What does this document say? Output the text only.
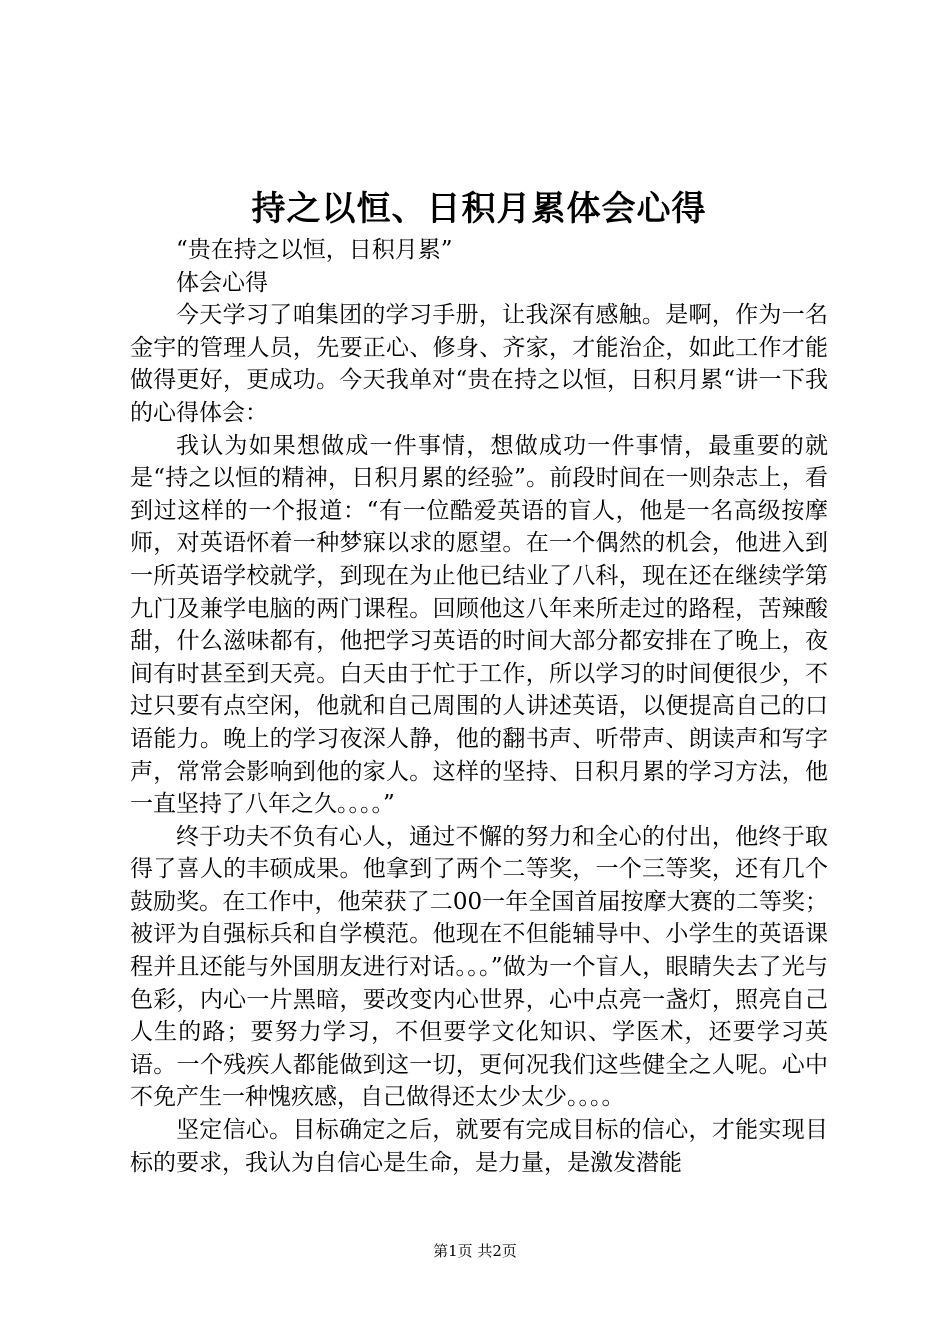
持之以恒、日积月累体会心得

“贵在持之以恒，日积月累”

体会心得

今天学习了咱集团的学习手册，让我深有感触。是啊，作为一名金宇的管理人员，先要正心、修身、齐家，才能治企，如此工作才能做得更好，更成功。今天我单对“贵在持之以恒，日积月累“讲一下我的心得体会：

我认为如果想做成一件事情，想做成功一件事情，最重要的就是“持之以恒的精神，日积月累的经验”。前段时间在一则杂志上，看到过这样的一个报道：“有一位酷爱英语的盲人，他是一名高级按摩师，对英语怀着一种梦寐以求的愿望。在一个偶然的机会，他进入到一所英语学校就学，到现在为止他已结业了八科，现在还在继续学第九门及兼学电脑的两门课程。回顾他这八年来所走过的路程，苦辣酸甜，什么滋味都有，他把学习英语的时间大部分都安排在了晚上，夜间有时甚至到天亮。白天由于忙于工作，所以学习的时间便很少，不过只要有点空闲，他就和自己周围的人讲述英语，以便提高自己的口语能力。晚上的学习夜深人静，他的翻书声、听带声、朗读声和写字声，常常会影响到他的家人。这样的坚持、日积月累的学习方法，他一直坚持了八年之久。。。。”

终于功夫不负有心人，通过不懈的努力和全心的付出，他终于取得了喜人的丰硕成果。他拿到了两个二等奖，一个三等奖，还有几个鼓励奖。在工作中，他荣获了二00一年全国首届按摩大赛的二等奖；被评为自强标兵和自学模范。他现在不但能辅导中、小学生的英语课程并且还能与外国朋友进行对话。。。”做为一个盲人，眼睛失去了光与色彩，内心一片黑暗，要改变内心世界，心中点亮一盏灯，照亮自己人生的路；要努力学习，不但要学文化知识、学医术，还要学习英语。一个残疾人都能做到这一切，更何况我们这些健全之人呢。心中不免产生一种愧疚感，自己做得还太少太少。。。。

坚定信心。目标确定之后，就要有完成目标的信心，才能实现目标的要求，我认为自信心是生命，是力量，是激发潜能

第1页 共2页
